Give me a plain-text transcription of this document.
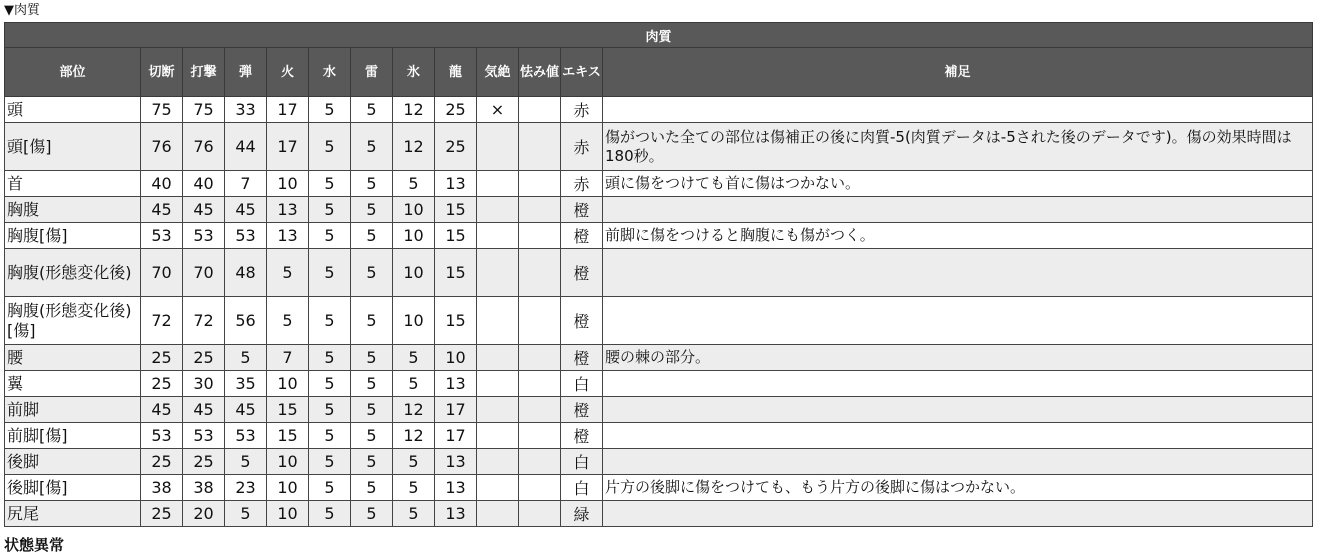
▼肉質
肉質												
部位	切断	打撃	弾	火	水	雷	氷	龍	気絶	怯み値	エキス	補足
頭	75	75	33	17	5	5	12	25	×		赤	
頭[傷]	76	76	44	17	5	5	12	25			赤	傷がついた全ての部位は傷補正の後に肉質-5(肉質データは-5された後のデータです)。傷の効果時間は180秒。
首	40	40	7	10	5	5	5	13			赤	頭に傷をつけても首に傷はつかない。
胸腹	45	45	45	13	5	5	10	15			橙	
胸腹[傷]	53	53	53	13	5	5	10	15			橙	前脚に傷をつけると胸腹にも傷がつく。
胸腹(形態変化後)	70	70	48	5	5	5	10	15			橙	
胸腹(形態変化後)[傷]	72	72	56	5	5	5	10	15			橙	
腰	25	25	5	7	5	5	5	10			橙	腰の棘の部分。
翼	25	30	35	10	5	5	5	13			白	
前脚	45	45	45	15	5	5	12	17			橙	
前脚[傷]	53	53	53	15	5	5	12	17			橙	
後脚	25	25	5	10	5	5	5	13			白	
後脚[傷]	38	38	23	10	5	5	5	13			白	片方の後脚に傷をつけても、もう片方の後脚に傷はつかない。
尻尾	25	20	5	10	5	5	5	13			緑	
状態異常
